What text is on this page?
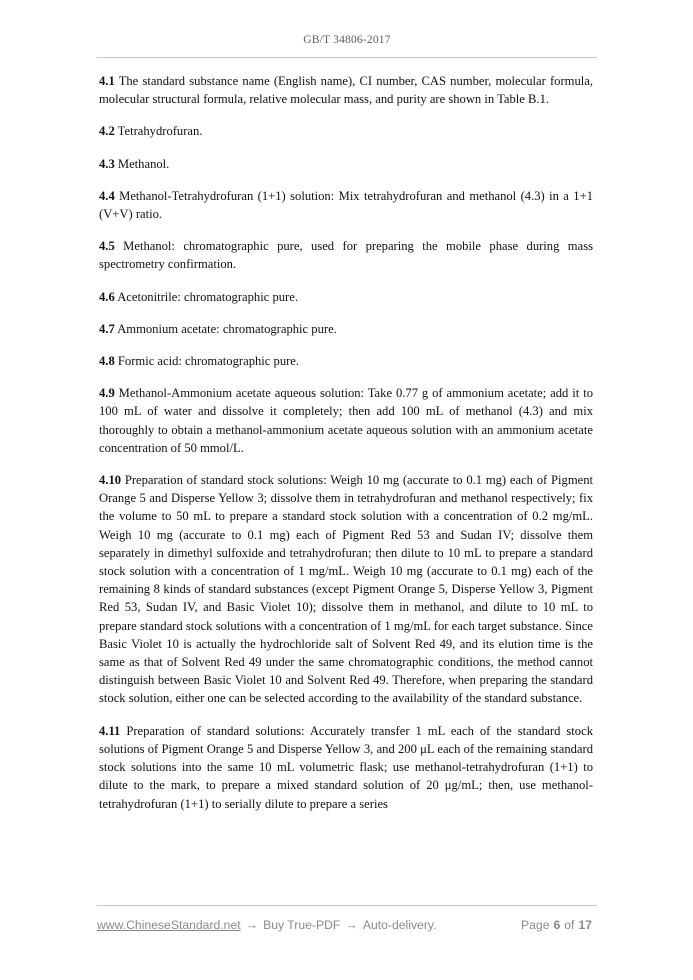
GB/T 34806-2017

4.1 The standard substance name (English name), CI number, CAS number, molecular formula, molecular structural formula, relative molecular mass, and purity are shown in Table B.1.

4.2 Tetrahydrofuran.

4.3 Methanol.

4.4 Methanol-Tetrahydrofuran (1+1) solution: Mix tetrahydrofuran and methanol (4.3) in a 1+1 (V+V) ratio.

4.5 Methanol: chromatographic pure, used for preparing the mobile phase during mass spectrometry confirmation.

4.6 Acetonitrile: chromatographic pure.

4.7 Ammonium acetate: chromatographic pure.

4.8 Formic acid: chromatographic pure.

4.9 Methanol-Ammonium acetate aqueous solution: Take 0.77 g of ammonium acetate; add it to 100 mL of water and dissolve it completely; then add 100 mL of methanol (4.3) and mix thoroughly to obtain a methanol-ammonium acetate aqueous solution with an ammonium acetate concentration of 50 mmol/L.

4.10 Preparation of standard stock solutions: Weigh 10 mg (accurate to 0.1 mg) each of Pigment Orange 5 and Disperse Yellow 3; dissolve them in tetrahydrofuran and methanol respectively; fix the volume to 50 mL to prepare a standard stock solution with a concentration of 0.2 mg/mL. Weigh 10 mg (accurate to 0.1 mg) each of Pigment Red 53 and Sudan IV; dissolve them separately in dimethyl sulfoxide and tetrahydrofuran; then dilute to 10 mL to prepare a standard stock solution with a concentration of 1 mg/mL. Weigh 10 mg (accurate to 0.1 mg) each of the remaining 8 kinds of standard substances (except Pigment Orange 5, Disperse Yellow 3, Pigment Red 53, Sudan IV, and Basic Violet 10); dissolve them in methanol, and dilute to 10 mL to prepare standard stock solutions with a concentration of 1 mg/mL for each target substance. Since Basic Violet 10 is actually the hydrochloride salt of Solvent Red 49, and its elution time is the same as that of Solvent Red 49 under the same chromatographic conditions, the method cannot distinguish between Basic Violet 10 and Solvent Red 49. Therefore, when preparing the standard stock solution, either one can be selected according to the availability of the standard substance.

4.11 Preparation of standard solutions: Accurately transfer 1 mL each of the standard stock solutions of Pigment Orange 5 and Disperse Yellow 3, and 200 μL each of the remaining standard stock solutions into the same 10 mL volumetric flask; use methanol-tetrahydrofuran (1+1) to dilute to the mark, to prepare a mixed standard solution of 20 μg/mL; then, use methanol-tetrahydrofuran (1+1) to serially dilute to prepare a series

www.ChineseStandard.net → Buy True-PDF → Auto-delivery.	Page 6 of 17
